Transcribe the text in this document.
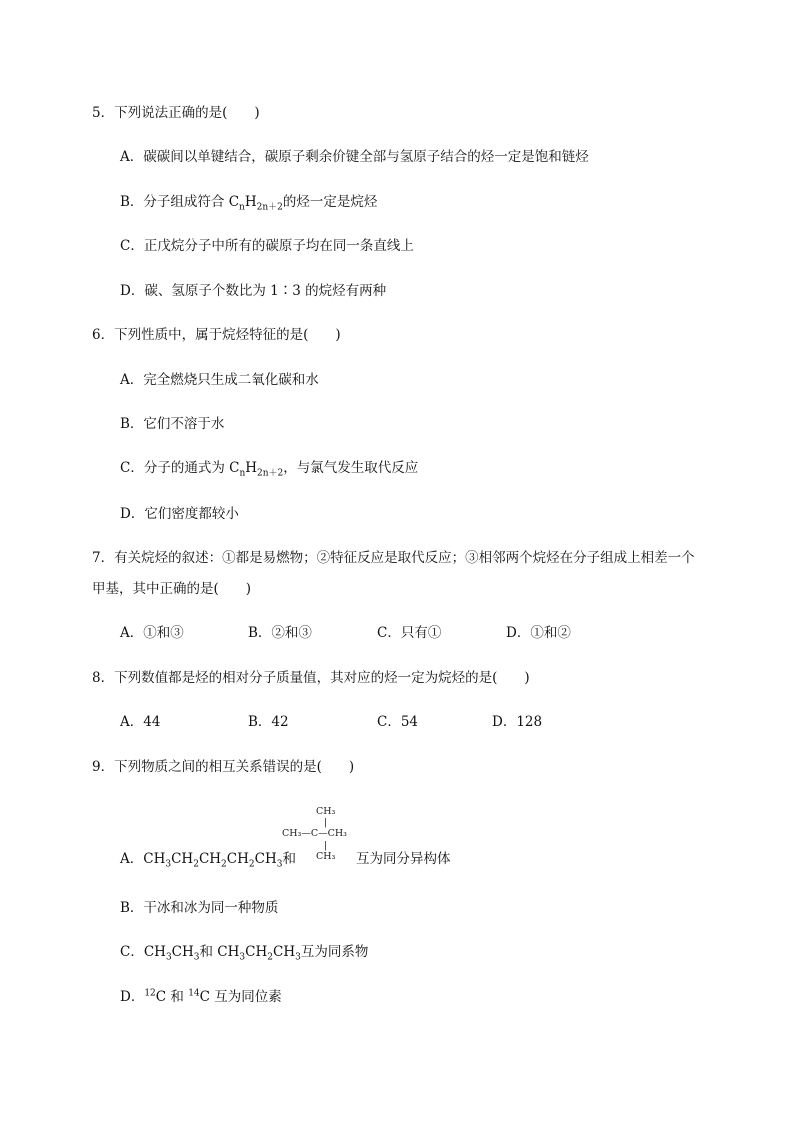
5．下列说法正确的是(　　)
A．碳碳间以单键结合，碳原子剩余价键全部与氢原子结合的烃一定是饱和链烃
B．分子组成符合 $C_nH_{2n+2}$的烃一定是烷烃
C．正戊烷分子中所有的碳原子均在同一条直线上
D．碳、氢原子个数比为 1∶3 的烷烃有两种
6．下列性质中，属于烷烃特征的是(　　)
A．完全燃烧只生成二氧化碳和水
B．它们不溶于水
C．分子的通式为 $C_nH_{2n+2}$，与氯气发生取代反应
D．它们密度都较小
7．有关烷烃的叙述：①都是易燃物；②特征反应是取代反应；③相邻两个烷烃在分子组成上相差一个
甲基，其中正确的是(　　)
A．①和③	B．②和③	C．只有①	D．①和②
8．下列数值都是烃的相对分子质量值，其对应的烃一定为烷烃的是(　　)
A．44	B．42	C．54	D．128
9．下列物质之间的相互关系错误的是(　　)
CH₃
|
CH₃—C—CH₃
|
CH₃
A．$CH_3CH_2CH_2CH_2CH_3$和	互为同分异构体
B．干冰和冰为同一种物质
C．$CH_3CH_3$和 $CH_3CH_2CH_3$互为同系物
D．$^{12}$C 和 $^{14}$C 互为同位素
